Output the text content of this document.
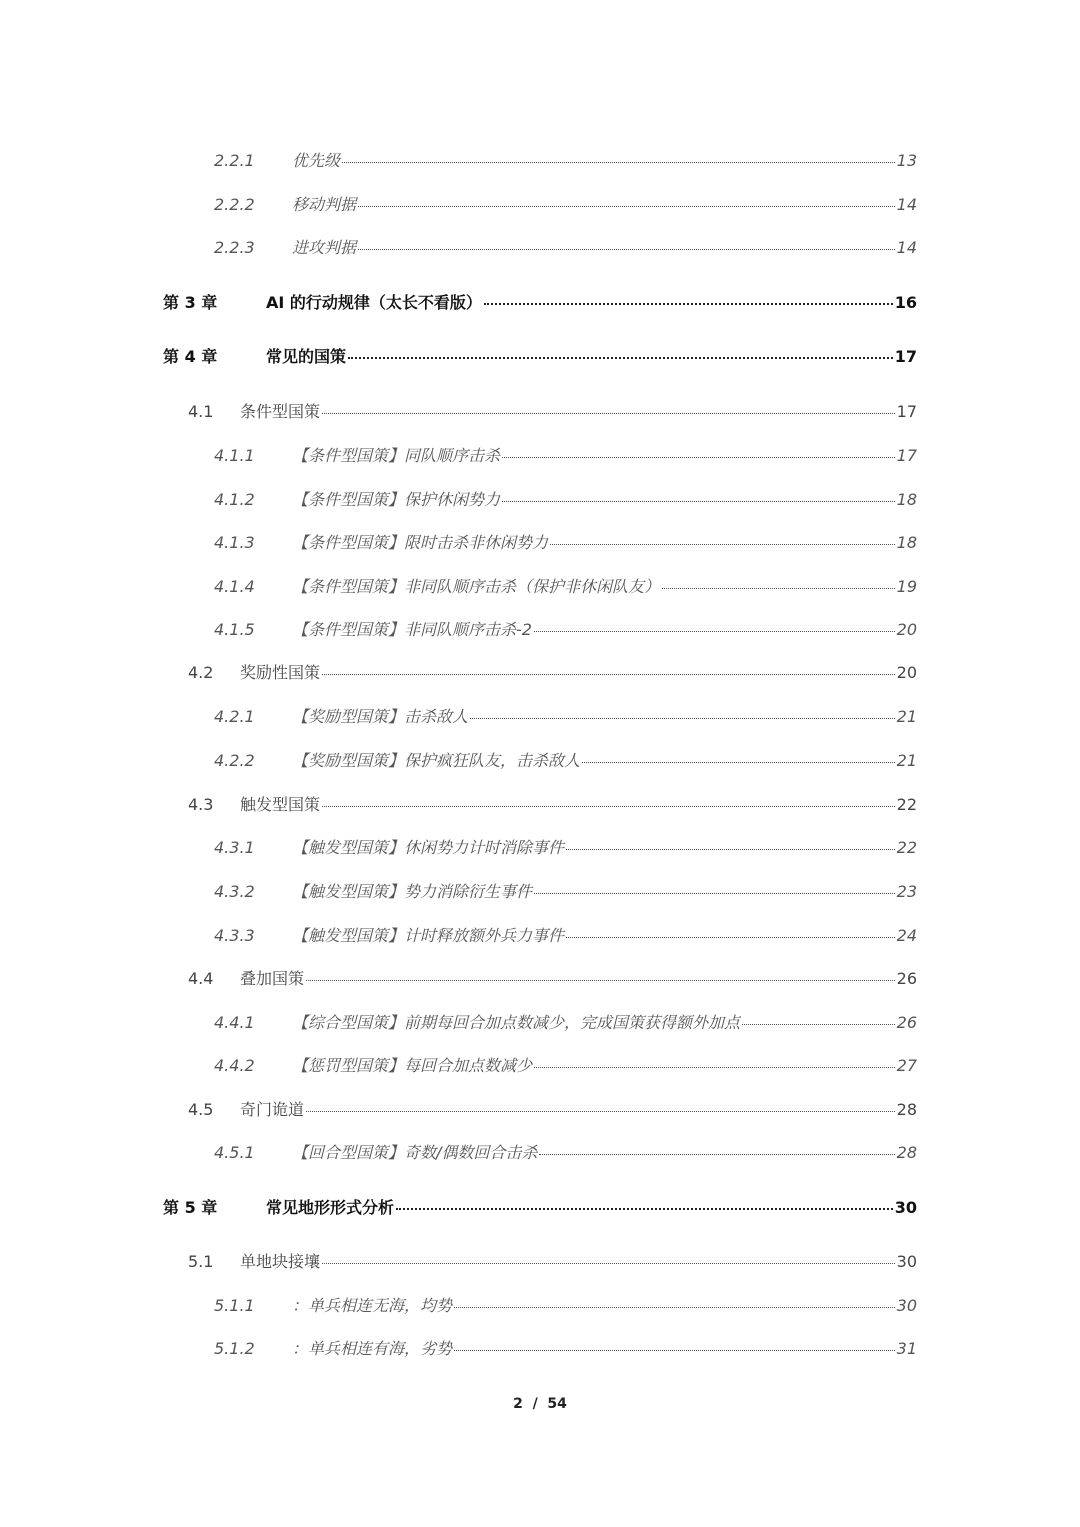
2.2.1	优先级	13
2.2.2	移动判据	14
2.2.3	进攻判据	14
第 3 章	AI 的行动规律（太长不看版）	16
第 4 章	常见的国策	17
4.1	条件型国策	17
4.1.1	【条件型国策】同队顺序击杀	17
4.1.2	【条件型国策】保护休闲势力	18
4.1.3	【条件型国策】限时击杀非休闲势力	18
4.1.4	【条件型国策】非同队顺序击杀（保护非休闲队友）	19
4.1.5	【条件型国策】非同队顺序击杀-2	20
4.2	奖励性国策	20
4.2.1	【奖励型国策】击杀敌人	21
4.2.2	【奖励型国策】保护疯狂队友，击杀敌人	21
4.3	触发型国策	22
4.3.1	【触发型国策】休闲势力计时消除事件	22
4.3.2	【触发型国策】势力消除衍生事件	23
4.3.3	【触发型国策】计时释放额外兵力事件	24
4.4	叠加国策	26
4.4.1	【综合型国策】前期每回合加点数减少，完成国策获得额外加点	26
4.4.2	【惩罚型国策】每回合加点数减少	27
4.5	奇门诡道	28
4.5.1	【回合型国策】奇数/偶数回合击杀	28
第 5 章	常见地形形式分析	30
5.1	单地块接壤	30
5.1.1	：单兵相连无海，均势	30
5.1.2	：单兵相连有海，劣势	31
2  /  54
